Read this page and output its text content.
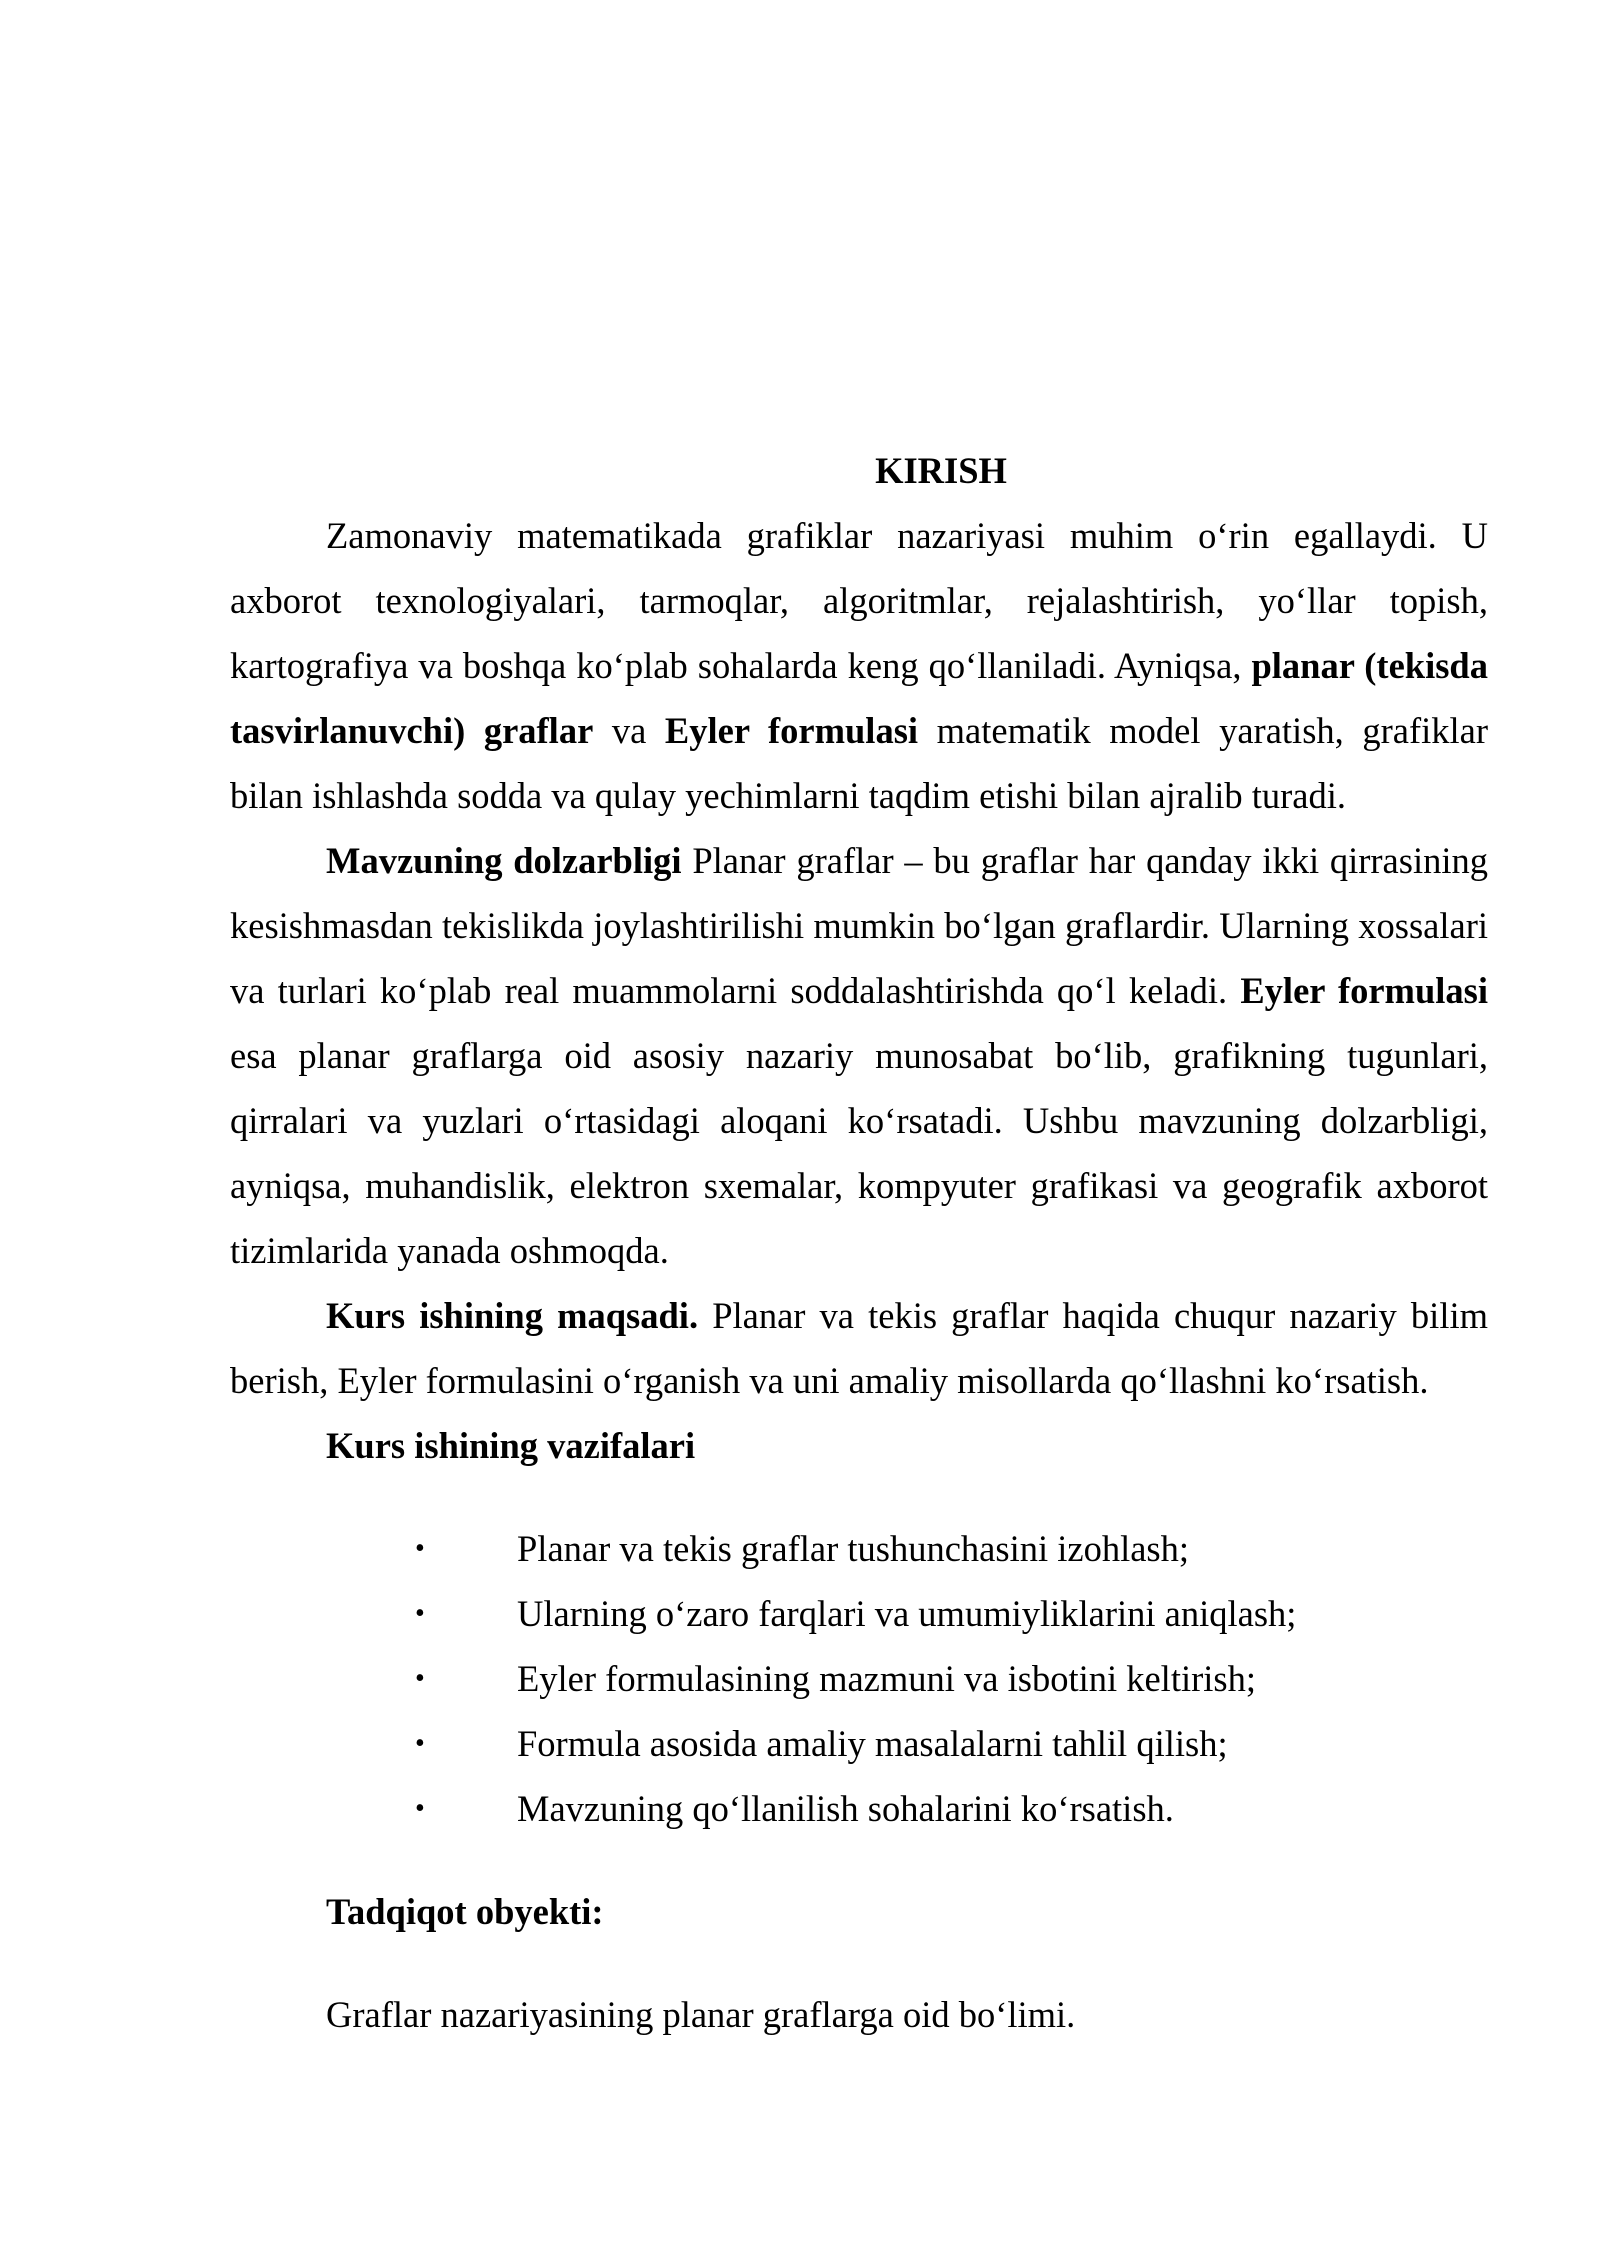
KIRISH

Zamonaviy matematikada grafiklar nazariyasi muhim o‘rin egallaydi. U axborot texnologiyalari, tarmoqlar, algoritmlar, rejalashtirish, yo‘llar topish, kartografiya va boshqa ko‘plab sohalarda keng qo‘llaniladi. Ayniqsa, planar (tekisda tasvirlanuvchi) graflar va Eyler formulasi matematik model yaratish, grafiklar bilan ishlashda sodda va qulay yechimlarni taqdim etishi bilan ajralib turadi.

Mavzuning dolzarbligi Planar graflar – bu graflar har qanday ikki qirrasining kesishmasdan tekislikda joylashtirilishi mumkin bo‘lgan graflardir. Ularning xossalari va turlari ko‘plab real muammolarni soddalashtirishda qo‘l keladi. Eyler formulasi esa planar graflarga oid asosiy nazariy munosabat bo‘lib, grafikning tugunlari, qirralari va yuzlari o‘rtasidagi aloqani ko‘rsatadi. Ushbu mavzuning dolzarbligi, ayniqsa, muhandislik, elektron sxemalar, kompyuter grafikasi va geografik axborot tizimlarida yanada oshmoqda.

Kurs ishining maqsadi. Planar va tekis graflar haqida chuqur nazariy bilim berish, Eyler formulasini o‘rganish va uni amaliy misollarda qo‘llashni ko‘rsatish.

Kurs ishining vazifalari

•	Planar va tekis graflar tushunchasini izohlash;
•	Ularning o‘zaro farqlari va umumiyliklarini aniqlash;
•	Eyler formulasining mazmuni va isbotini keltirish;
•	Formula asosida amaliy masalalarni tahlil qilish;
•	Mavzuning qo‘llanilish sohalarini ko‘rsatish.

Tadqiqot obyekti:

Graflar nazariyasining planar graflarga oid bo‘limi.
